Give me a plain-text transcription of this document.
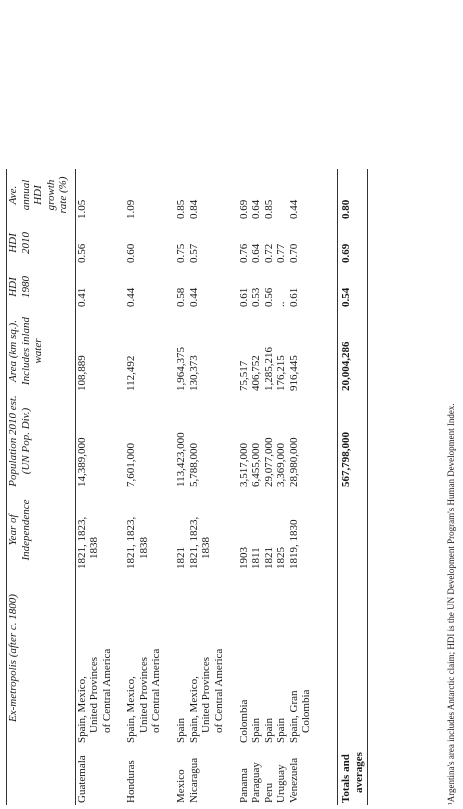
	Ex-metropolis (after c. 1800)	Year of Independence	Population 2010 est. (UN Pop. Div.)	Area (km sq.). Includes inland water	HDI 1980	HDI 2010	Ave. annual HDI growth rate (%)
Guatemala	Spain, Mexico, United Provinces of Central America	1821, 1823, 1838	14,389,000	108,889	0.41	0.56	1.05
Honduras	Spain, Mexico, United Provinces of Central America	1821, 1823, 1838	7,601,000	112,492	0.44	0.60	1.09
Mexico	Spain	1821	113,423,000	1,964,375	0.58	0.75	0.85
Nicaragua	Spain, Mexico, United Provinces of Central America	1821, 1823, 1838	5,788,000	130,373	0.44	0.57	0.84
Panama	Colombia	1903	3,517,000	75,517	0.61	0.76	0.69
Paraguay	Spain	1811	6,455,000	406,752	0.53	0.64	0.64
Peru	Spain	1821	29,077,000	1,285,216	0.56	0.72	0.85
Uruguay	Spain	1825	3,369,000	176,215	..	0.77	
Venezuela	Spain, Gran Colombia	1819, 1830	28,980,000	916,445	0.61	0.70	0.44

Totals and averages			567,798,000	20,004,286	0.54	0.69	0.80
¹Argentina's area includes Antarctic claim; HDI is the UN Development Program's Human Development Index.
